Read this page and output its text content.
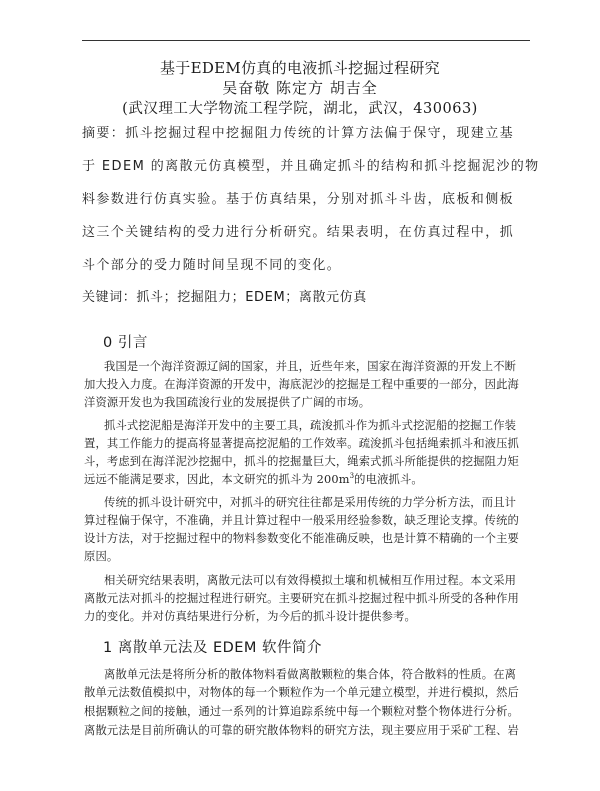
基于EDEM仿真的电液抓斗挖掘过程研究
吴奋敬 陈定方 胡吉全
(武汉理工大学物流工程学院，湖北，武汉，430063)
摘要：抓斗挖掘过程中挖掘阻力传统的计算方法偏于保守，现建立基
于 EDEM 的离散元仿真模型，并且确定抓斗的结构和抓斗挖掘泥沙的物
料参数进行仿真实验。基于仿真结果，分别对抓斗斗齿，底板和侧板
这三个关键结构的受力进行分析研究。结果表明，在仿真过程中，抓
斗个部分的受力随时间呈现不同的变化。
关键词：抓斗；挖掘阻力；EDEM；离散元仿真
0 引言
我国是一个海洋资源辽阔的国家，并且，近些年来，国家在海洋资源的开发上不断
加大投入力度。在海洋资源的开发中，海底泥沙的挖掘是工程中重要的一部分，因此海
洋资源开发也为我国疏浚行业的发展提供了广阔的市场。
抓斗式挖泥船是海洋开发中的主要工具，疏浚抓斗作为抓斗式挖泥船的挖掘工作装
置，其工作能力的提高将显著提高挖泥船的工作效率。疏浚抓斗包括绳索抓斗和液压抓
斗，考虑到在海洋泥沙挖掘中，抓斗的挖掘量巨大，绳索式抓斗所能提供的挖掘阻力矩
远远不能满足要求，因此，本文研究的抓斗为 $200m^3$的电液抓斗。
传统的抓斗设计研究中，对抓斗的研究往往都是采用传统的力学分析方法，而且计
算过程偏于保守，不准确，并且计算过程中一般采用经验参数，缺乏理论支撑。传统的
设计方法，对于挖掘过程中的物料参数变化不能准确反映，也是计算不精确的一个主要
原因。
相关研究结果表明，离散元法可以有效得模拟土壤和机械相互作用过程。本文采用
离散元法对抓斗的挖掘过程进行研究。主要研究在抓斗挖掘过程中抓斗所受的各种作用
力的变化。并对仿真结果进行分析，为今后的抓斗设计提供参考。
1 离散单元法及 EDEM 软件简介
离散单元法是将所分析的散体物料看做离散颗粒的集合体，符合散料的性质。在离
散单元法数值模拟中，对物体的每一个颗粒作为一个单元建立模型，并进行模拟，然后
根据颗粒之间的接触，通过一系列的计算追踪系统中每一个颗粒对整个物体进行分析。
离散元法是目前所确认的可靠的研究散体物料的研究方法，现主要应用于采矿工程、岩
